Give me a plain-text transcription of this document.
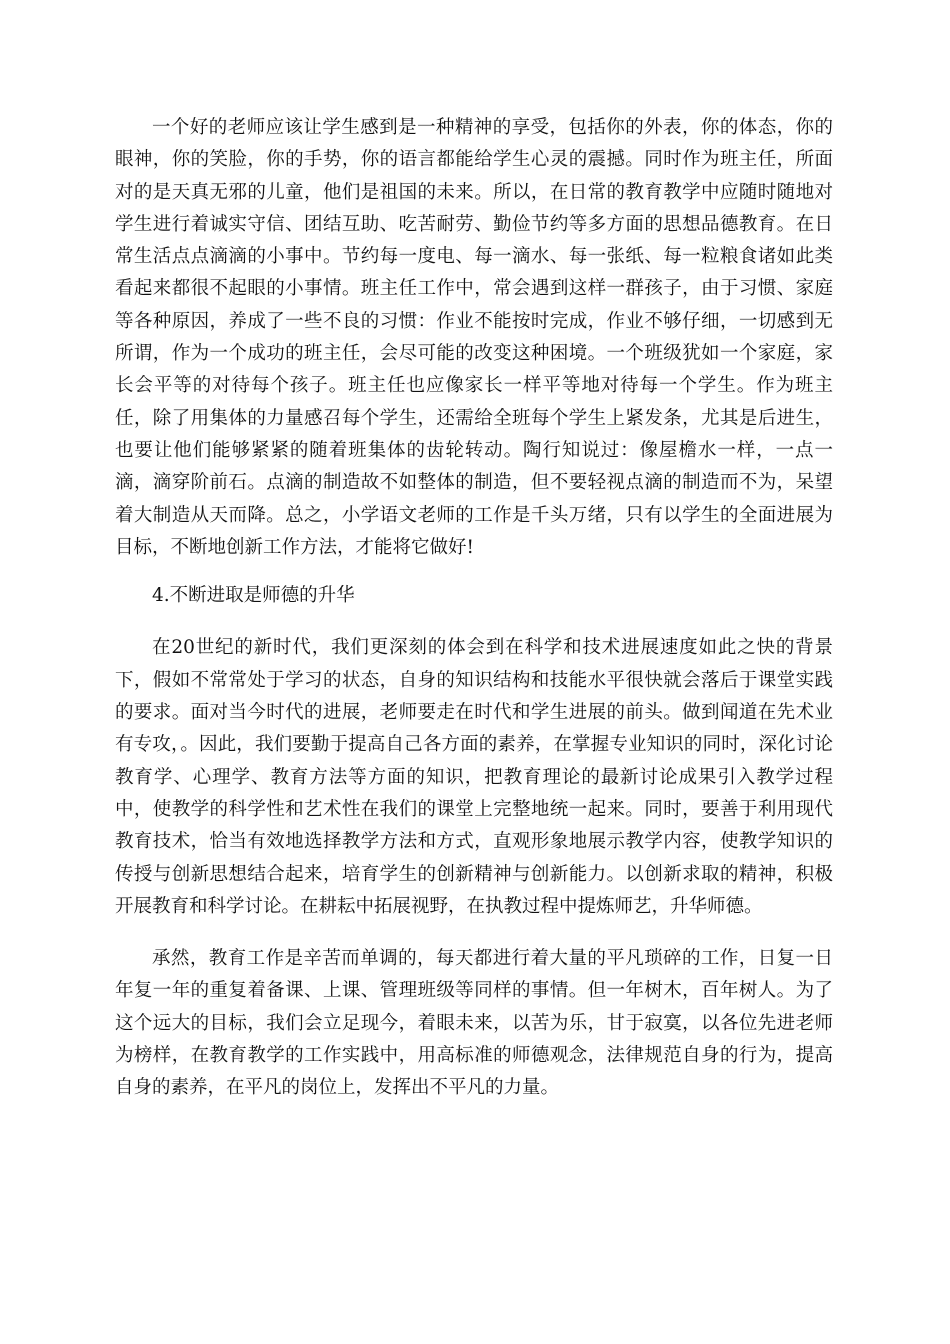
一个好的老师应该让学生感到是一种精神的享受，包括你的外表，你的体态，你的眼神，你的笑脸，你的手势，你的语言都能给学生心灵的震撼。同时作为班主任，所面对的是天真无邪的儿童，他们是祖国的未来。所以，在日常的教育教学中应随时随地对学生进行着诚实守信、团结互助、吃苦耐劳、勤俭节约等多方面的思想品德教育。在日常生活点点滴滴的小事中。节约每一度电、每一滴水、每一张纸、每一粒粮食诸如此类看起来都很不起眼的小事情。班主任工作中，常会遇到这样一群孩子，由于习惯、家庭等各种原因，养成了一些不良的习惯：作业不能按时完成，作业不够仔细，一切感到无所谓，作为一个成功的班主任，会尽可能的改变这种困境。一个班级犹如一个家庭，家长会平等的对待每个孩子。班主任也应像家长一样平等地对待每一个学生。作为班主任，除了用集体的力量感召每个学生，还需给全班每个学生上紧发条，尤其是后进生，也要让他们能够紧紧的随着班集体的齿轮转动。陶行知说过：像屋檐水一样，一点一滴，滴穿阶前石。点滴的制造故不如整体的制造，但不要轻视点滴的制造而不为，呆望着大制造从天而降。总之，小学语文老师的工作是千头万绪，只有以学生的全面进展为目标，不断地创新工作方法，才能将它做好!

4.不断进取是师德的升华

在20世纪的新时代，我们更深刻的体会到在科学和技术进展速度如此之快的背景下，假如不常常处于学习的状态，自身的知识结构和技能水平很快就会落后于课堂实践的要求。面对当今时代的进展，老师要走在时代和学生进展的前头。做到闻道在先术业有专攻，。因此，我们要勤于提高自己各方面的素养，在掌握专业知识的同时，深化讨论教育学、心理学、教育方法等方面的知识，把教育理论的最新讨论成果引入教学过程中，使教学的科学性和艺术性在我们的课堂上完整地统一起来。同时，要善于利用现代教育技术，恰当有效地选择教学方法和方式，直观形象地展示教学内容，使教学知识的传授与创新思想结合起来，培育学生的创新精神与创新能力。以创新求取的精神，积极开展教育和科学讨论。在耕耘中拓展视野，在执教过程中提炼师艺，升华师德。

承然，教育工作是辛苦而单调的，每天都进行着大量的平凡琐碎的工作，日复一日年复一年的重复着备课、上课、管理班级等同样的事情。但一年树木，百年树人。为了这个远大的目标，我们会立足现今，着眼未来，以苦为乐，甘于寂寞，以各位先进老师为榜样，在教育教学的工作实践中，用高标准的师德观念，法律规范自身的行为，提高自身的素养，在平凡的岗位上，发挥出不平凡的力量。
